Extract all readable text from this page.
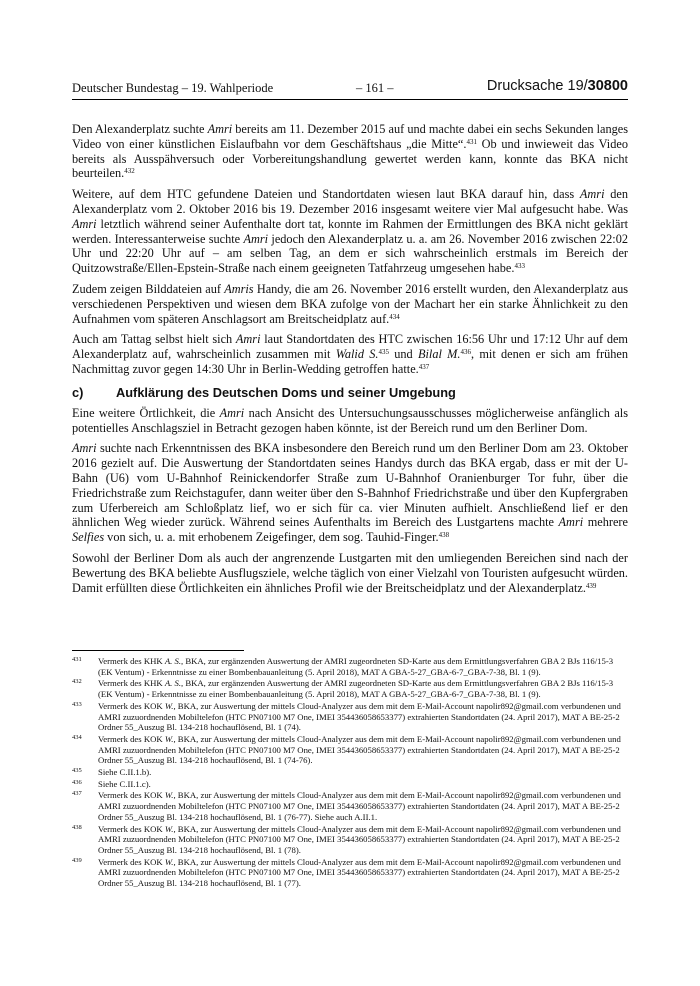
Deutscher Bundestag – 19. Wahlperiode	– 161 –	Drucksache 19/30800

Den Alexanderplatz suchte Amri bereits am 11. Dezember 2015 auf und machte dabei ein sechs Sekunden langes Video von einer künstlichen Eislaufbahn vor dem Geschäftshaus „die Mitte“.$^{431}$ Ob und inwieweit das Video bereits als Ausspähversuch oder Vorbereitungshandlung gewertet werden kann, konnte das BKA nicht beurteilen.$^{432}$

Weitere, auf dem HTC gefundene Dateien und Standortdaten wiesen laut BKA darauf hin, dass Amri den Alexanderplatz vom 2. Oktober 2016 bis 19. Dezember 2016 insgesamt weitere vier Mal aufgesucht habe. Was Amri letztlich während seiner Aufenthalte dort tat, konnte im Rahmen der Ermittlungen des BKA nicht geklärt werden. Interessanterweise suchte Amri jedoch den Alexanderplatz u. a. am 26. November 2016 zwischen 22:02 Uhr und 22:20 Uhr auf – am selben Tag, an dem er sich wahrscheinlich erstmals im Bereich der Quitzowstraße/Ellen-Epstein-Straße nach einem geeigneten Tatfahrzeug umgesehen habe.$^{433}$

Zudem zeigen Bilddateien auf Amris Handy, die am 26. November 2016 erstellt wurden, den Alexanderplatz aus verschiedenen Perspektiven und wiesen dem BKA zufolge von der Machart her ein starke Ähnlichkeit zu den Aufnahmen vom späteren Anschlagsort am Breitscheidplatz auf.$^{434}$

Auch am Tattag selbst hielt sich Amri laut Standortdaten des HTC zwischen 16:56 Uhr und 17:12 Uhr auf dem Alexanderplatz auf, wahrscheinlich zusammen mit Walid S.$^{435}$ und Bilal M.$^{436}$, mit denen er sich am frühen Nachmittag zuvor gegen 14:30 Uhr in Berlin-Wedding getroffen hatte.$^{437}$

c)	Aufklärung des Deutschen Doms und seiner Umgebung

Eine weitere Örtlichkeit, die Amri nach Ansicht des Untersuchungsausschusses möglicherweise anfänglich als potentielles Anschlagsziel in Betracht gezogen haben könnte, ist der Bereich rund um den Berliner Dom.

Amri suchte nach Erkenntnissen des BKA insbesondere den Bereich rund um den Berliner Dom am 23. Oktober 2016 gezielt auf. Die Auswertung der Standortdaten seines Handys durch das BKA ergab, dass er mit der U-Bahn (U6) vom U-Bahnhof Reinickendorfer Straße zum U-Bahnhof Oranienburger Tor fuhr, über die Friedrichstraße zum Reichstagufer, dann weiter über den S-Bahnhof Friedrichstraße und über den Kupfergraben zum Uferbereich am Schloßplatz lief, wo er sich für ca. vier Minuten aufhielt. Anschließend lief er den ähnlichen Weg wieder zurück. Während seines Aufenthalts im Bereich des Lustgartens machte Amri mehrere Selfies von sich, u. a. mit erhobenem Zeigefinger, dem sog. Tauhid-Finger.$^{438}$

Sowohl der Berliner Dom als auch der angrenzende Lustgarten mit den umliegenden Bereichen sind nach der Bewertung des BKA beliebte Ausflugsziele, welche täglich von einer Vielzahl von Touristen aufgesucht würden. Damit erfüllten diese Örtlichkeiten ein ähnliches Profil wie der Breitscheidplatz und der Alexanderplatz.$^{439}$

431	Vermerk des KHK A. S., BKA, zur ergänzenden Auswertung der AMRI zugeordneten SD-Karte aus dem Ermittlungsverfahren GBA 2 BJs 116/15-3 (EK Ventum) - Erkenntnisse zu einer Bombenbauanleitung (5. April 2018), MAT A GBA-5-27_GBA-6-7_GBA-7-38, Bl. 1 (9).
432	Vermerk des KHK A. S., BKA, zur ergänzenden Auswertung der AMRI zugeordneten SD-Karte aus dem Ermittlungsverfahren GBA 2 BJs 116/15-3 (EK Ventum) - Erkenntnisse zu einer Bombenbauanleitung (5. April 2018), MAT A GBA-5-27_GBA-6-7_GBA-7-38, Bl. 1 (9).
433	Vermerk des KOK W., BKA, zur Auswertung der mittels Cloud-Analyzer aus dem mit dem E-Mail-Account napolir892@gmail.com verbundenen und AMRI zuzuordnenden Mobiltelefon (HTC PN07100 M7 One, IMEI 354436058653377) extrahierten Standortdaten (24. April 2017), MAT A BE-25-2 Ordner 55_Auszug Bl. 134-218 hochauflösend, Bl. 1 (74).
434	Vermerk des KOK W., BKA, zur Auswertung der mittels Cloud-Analyzer aus dem mit dem E-Mail-Account napolir892@gmail.com verbundenen und AMRI zuzuordnenden Mobiltelefon (HTC PN07100 M7 One, IMEI 354436058653377) extrahierten Standortdaten (24. April 2017), MAT A BE-25-2 Ordner 55_Auszug Bl. 134-218 hochauflösend, Bl. 1 (74-76).
435	Siehe C.II.1.b).
436	Siehe C.II.1.c).
437	Vermerk des KOK W., BKA, zur Auswertung der mittels Cloud-Analyzer aus dem mit dem E-Mail-Account napolir892@gmail.com verbundenen und AMRI zuzuordnenden Mobiltelefon (HTC PN07100 M7 One, IMEI 354436058653377) extrahierten Standortdaten (24. April 2017), MAT A BE-25-2 Ordner 55_Auszug Bl. 134-218 hochauflösend, Bl. 1 (76-77). Siehe auch A.II.1.
438	Vermerk des KOK W., BKA, zur Auswertung der mittels Cloud-Analyzer aus dem mit dem E-Mail-Account napolir892@gmail.com verbundenen und AMRI zuzuordnenden Mobiltelefon (HTC PN07100 M7 One, IMEI 354436058653377) extrahierten Standortdaten (24. April 2017), MAT A BE-25-2 Ordner 55_Auszug Bl. 134-218 hochauflösend, Bl. 1 (78).
439	Vermerk des KOK W., BKA, zur Auswertung der mittels Cloud-Analyzer aus dem mit dem E-Mail-Account napolir892@gmail.com verbundenen und AMRI zuzuordnenden Mobiltelefon (HTC PN07100 M7 One, IMEI 354436058653377) extrahierten Standortdaten (24. April 2017), MAT A BE-25-2 Ordner 55_Auszug Bl. 134-218 hochauflösend, Bl. 1 (77).
